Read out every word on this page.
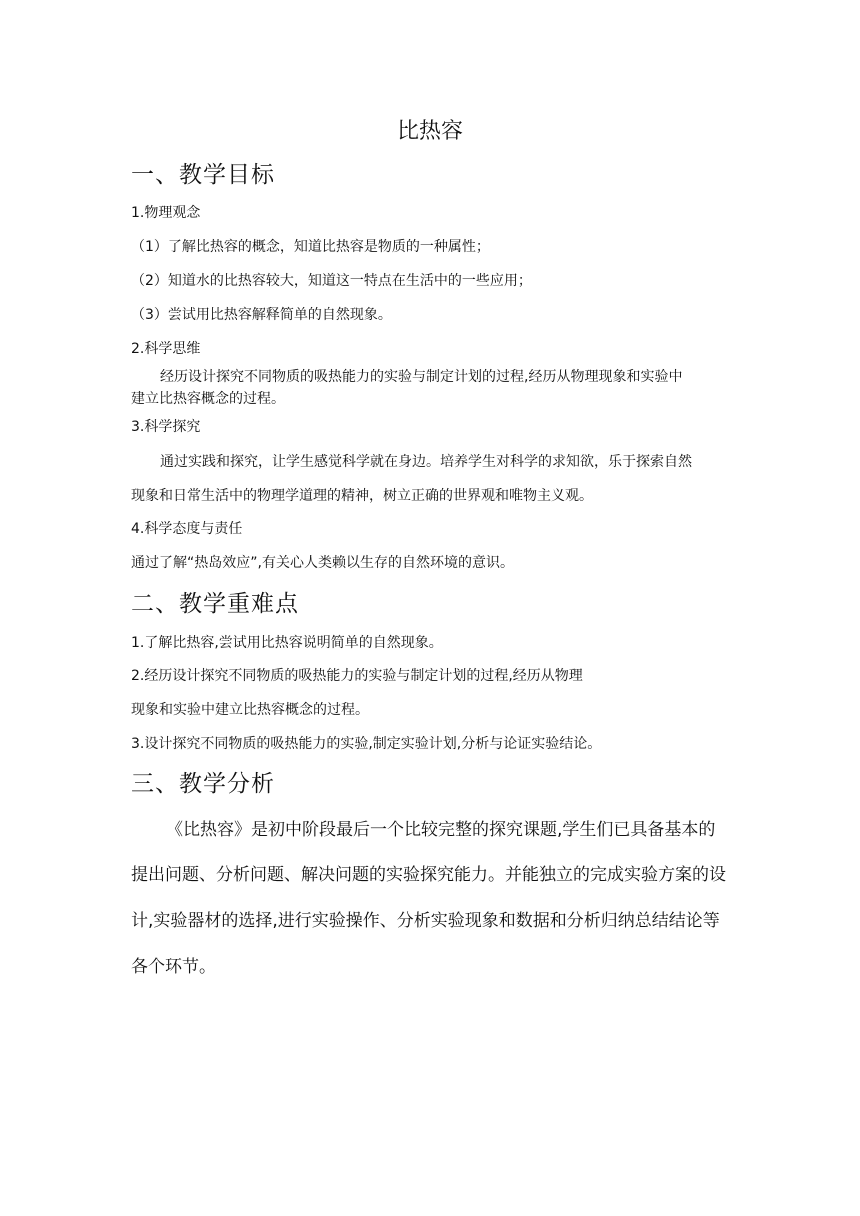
比热容
一、教学目标
1.物理观念
（1）了解比热容的概念，知道比热容是物质的一种属性；
（2）知道水的比热容较大，知道这一特点在生活中的一些应用；
（3）尝试用比热容解释简单的自然现象。
2.科学思维
经历设计探究不同物质的吸热能力的实验与制定计划的过程,经历从物理现象和实验中
建立比热容概念的过程。
3.科学探究
通过实践和探究，让学生感觉科学就在身边。培养学生对科学的求知欲，乐于探索自然
现象和日常生活中的物理学道理的精神，树立正确的世界观和唯物主义观。
4.科学态度与责任
通过了解“热岛效应”,有关心人类赖以生存的自然环境的意识。
二、教学重难点
1.了解比热容,尝试用比热容说明简单的自然现象。
2.经历设计探究不同物质的吸热能力的实验与制定计划的过程,经历从物理
现象和实验中建立比热容概念的过程。
3.设计探究不同物质的吸热能力的实验,制定实验计划,分析与论证实验结论。
三、教学分析
《比热容》是初中阶段最后一个比较完整的探究课题,学生们已具备基本的
提出问题、分析问题、解决问题的实验探究能力。并能独立的完成实验方案的设
计,实验器材的选择,进行实验操作、分析实验现象和数据和分析归纳总结结论等
各个环节。
